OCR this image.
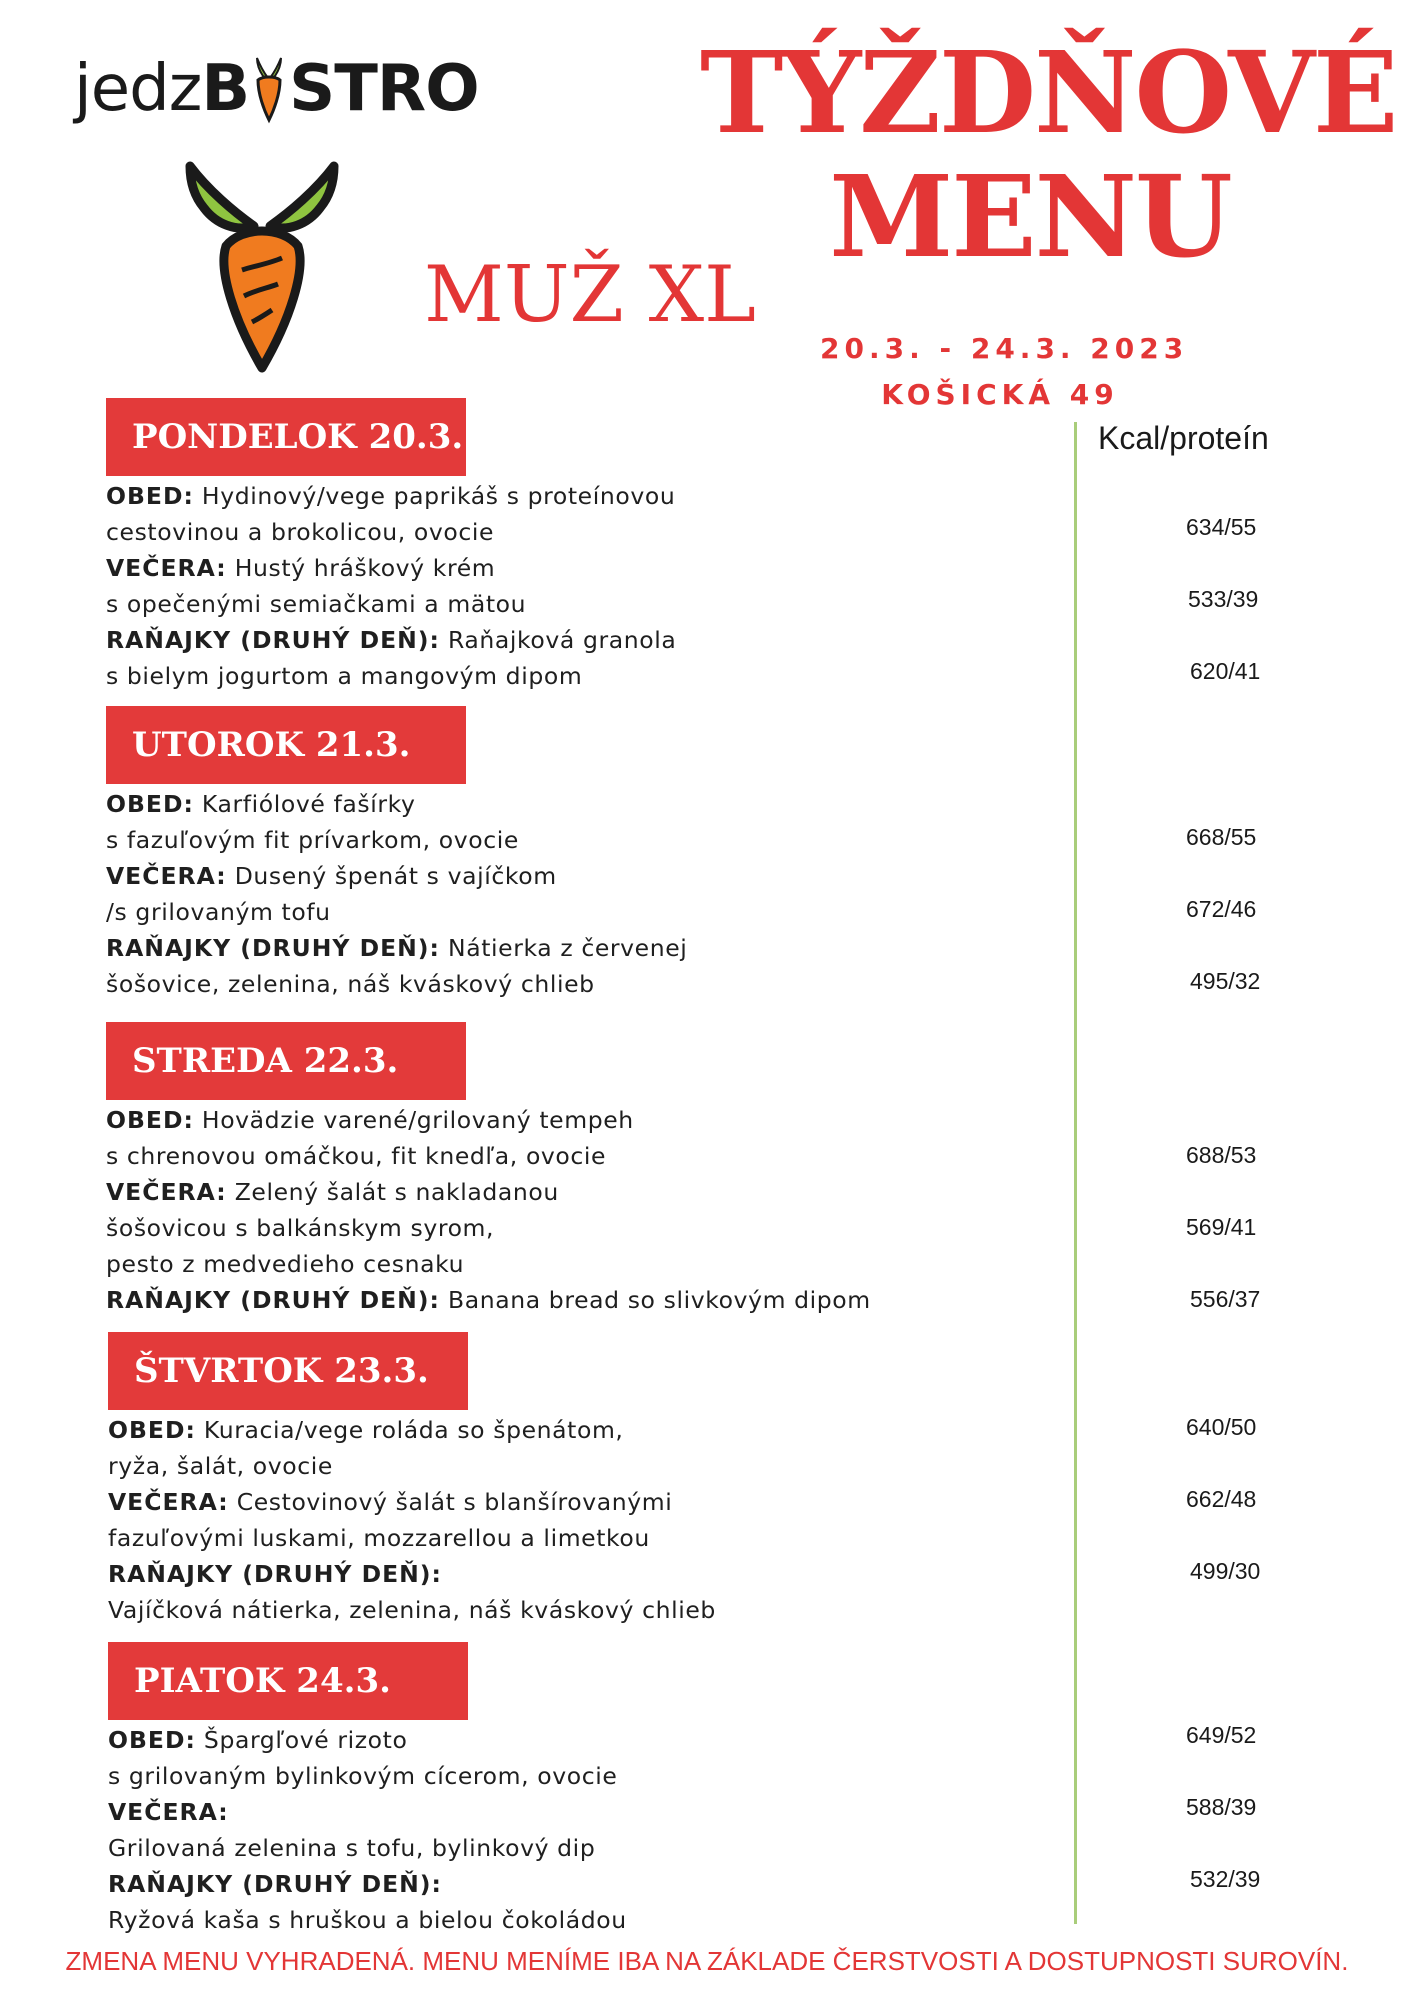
jedzB STRO TÝŽDŇOVÉ
MENU
MUŽ XL
20.3. - 24.3. 2023
KOŠICKÁ 49
Kcal/proteín
PONDELOK 20.3.
OBED: Hydinový/vege paprikáš s proteínovou
cestovinou a brokolicou, ovocie
VEČERA: Hustý hráškový krém
s opečenými semiačkami a mätou
RAŇAJKY (DRUHÝ DEŇ): Raňajková granola
s bielym jogurtom a mangovým dipom
UTOROK 21.3.
OBED: Karfiólové fašírky
s fazuľovým fit prívarkom, ovocie
VEČERA: Dusený špenát s vajíčkom
/s grilovaným tofu
RAŇAJKY (DRUHÝ DEŇ): Nátierka z červenej
šošovice, zelenina, náš kváskový chlieb
STREDA 22.3.
OBED: Hovädzie varené/grilovaný tempeh
s chrenovou omáčkou, fit knedľa, ovocie
VEČERA: Zelený šalát s nakladanou
šošovicou s balkánskym syrom,
pesto z medvedieho cesnaku
RAŇAJKY (DRUHÝ DEŇ): Banana bread so slivkovým dipom
ŠTVRTOK 23.3.
OBED: Kuracia/vege roláda so špenátom,
ryža, šalát, ovocie
VEČERA: Cestovinový šalát s blanšírovanými
fazuľovými luskami, mozzarellou a limetkou
RAŇAJKY (DRUHÝ DEŇ):
Vajíčková nátierka, zelenina, náš kváskový chlieb
PIATOK 24.3.
OBED: Špargľové rizoto
s grilovaným bylinkovým cícerom, ovocie
VEČERA:
Grilovaná zelenina s tofu, bylinkový dip
RAŇAJKY (DRUHÝ DEŇ):
Ryžová kaša s hruškou a bielou čokoládou
634/55
533/39
620/41
668/55
672/46
495/32
688/53
569/41
556/37
640/50
662/48
499/30
649/52
588/39
532/39
ZMENA MENU VYHRADENÁ. MENU MENÍME IBA NA ZÁKLADE ČERSTVOSTI A DOSTUPNOSTI SUROVÍN.
